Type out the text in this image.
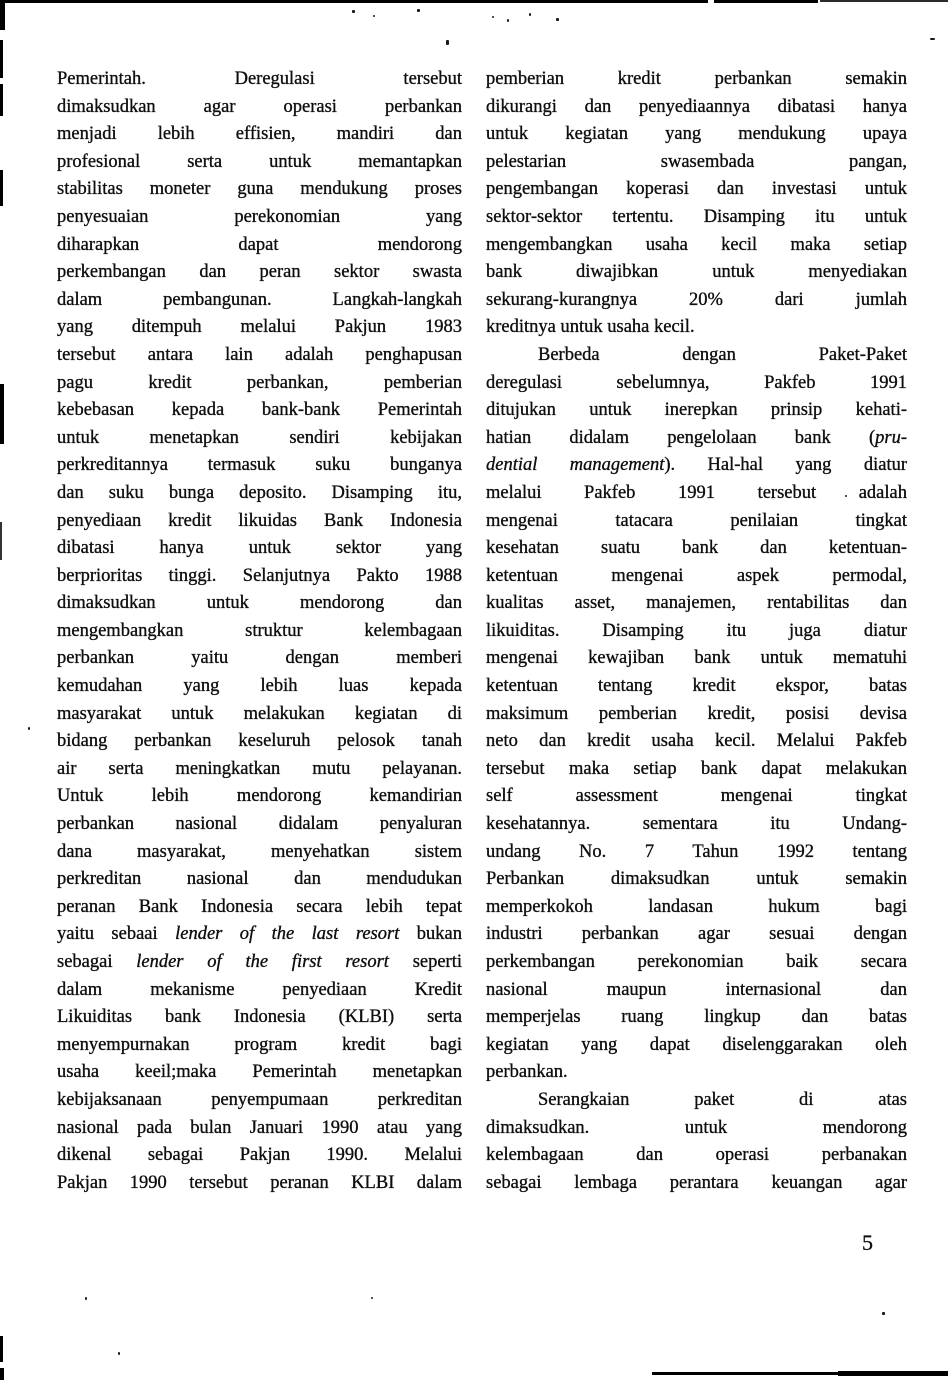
Pemerintah. Deregulasi tersebut
dimaksudkan agar operasi perbankan
menjadi lebih effisien, mandiri dan
profesional serta untuk memantapkan
stabilitas moneter guna mendukung proses
penyesuaian perekonomian yang
diharapkan dapat mendorong
perkembangan dan peran sektor swasta
dalam pembangunan. Langkah-langkah
yang ditempuh melalui Pakjun 1983
tersebut antara lain adalah penghapusan
pagu kredit perbankan, pemberian
kebebasan kepada bank-bank Pemerintah
untuk menetapkan sendiri kebijakan
perkreditannya termasuk suku bunganya
dan suku bunga deposito. Disamping itu,
penyediaan kredit likuidas Bank Indonesia
dibatasi hanya untuk sektor yang
berprioritas tinggi. Selanjutnya Pakto 1988
dimaksudkan untuk mendorong dan
mengembangkan struktur kelembagaan
perbankan yaitu dengan memberi
kemudahan yang lebih luas kepada
masyarakat untuk melakukan kegiatan di
bidang perbankan keseluruh pelosok tanah
air serta meningkatkan mutu pelayanan.
Untuk lebih mendorong kemandirian
perbankan nasional didalam penyaluran
dana masyarakat, menyehatkan sistem
perkreditan nasional dan mendudukan
peranan Bank Indonesia secara lebih tepat
yaitu sebaai lender of the last resort bukan
sebagai lender of the first resort seperti
dalam mekanisme penyediaan Kredit
Likuiditas bank Indonesia (KLBI) serta
menyempurnakan program kredit bagi
usaha keeil;maka Pemerintah menetapkan
kebijaksanaan penyempumaan perkreditan
nasional pada bulan Januari 1990 atau yang
dikenal sebagai Pakjan 1990. Melalui
Pakjan 1990 tersebut peranan KLBI dalam
pemberian kredit perbankan semakin
dikurangi dan penyediaannya dibatasi hanya
untuk kegiatan yang mendukung upaya
pelestarian swasembada pangan,
pengembangan koperasi dan investasi untuk
sektor-sektor tertentu. Disamping itu untuk
mengembangkan usaha kecil maka setiap
bank diwajibkan untuk menyediakan
sekurang-kurangnya 20% dari jumlah
kreditnya untuk usaha kecil.
Berbeda dengan Paket-Paket
deregulasi sebelumnya, Pakfeb 1991
ditujukan untuk inerepkan prinsip kehati-
hatian didalam pengelolaan bank (pru-
dential management). Hal-hal yang diatur
melalui Pakfeb 1991 tersebut adalah
mengenai tatacara penilaian tingkat
kesehatan suatu bank dan ketentuan-
ketentuan mengenai aspek permodal,
kualitas asset, manajemen, rentabilitas dan
likuiditas. Disamping itu juga diatur
mengenai kewajiban bank untuk mematuhi
ketentuan tentang kredit ekspor, batas
maksimum pemberian kredit, posisi devisa
neto dan kredit usaha kecil. Melalui Pakfeb
tersebut maka setiap bank dapat melakukan
self assessment mengenai tingkat
kesehatannya. sementara itu Undang-
undang No. 7 Tahun 1992 tentang
Perbankan dimaksudkan untuk semakin
memperkokoh landasan hukum bagi
industri perbankan agar sesuai dengan
perkembangan perekonomian baik secara
nasional maupun internasional dan
memperjelas ruang lingkup dan batas
kegiatan yang dapat diselenggarakan oleh
perbankan.
Serangkaian paket di atas
dimaksudkan. untuk mendorong
kelembagaan dan operasi perbanakan
sebagai lembaga perantara keuangan agar
5
